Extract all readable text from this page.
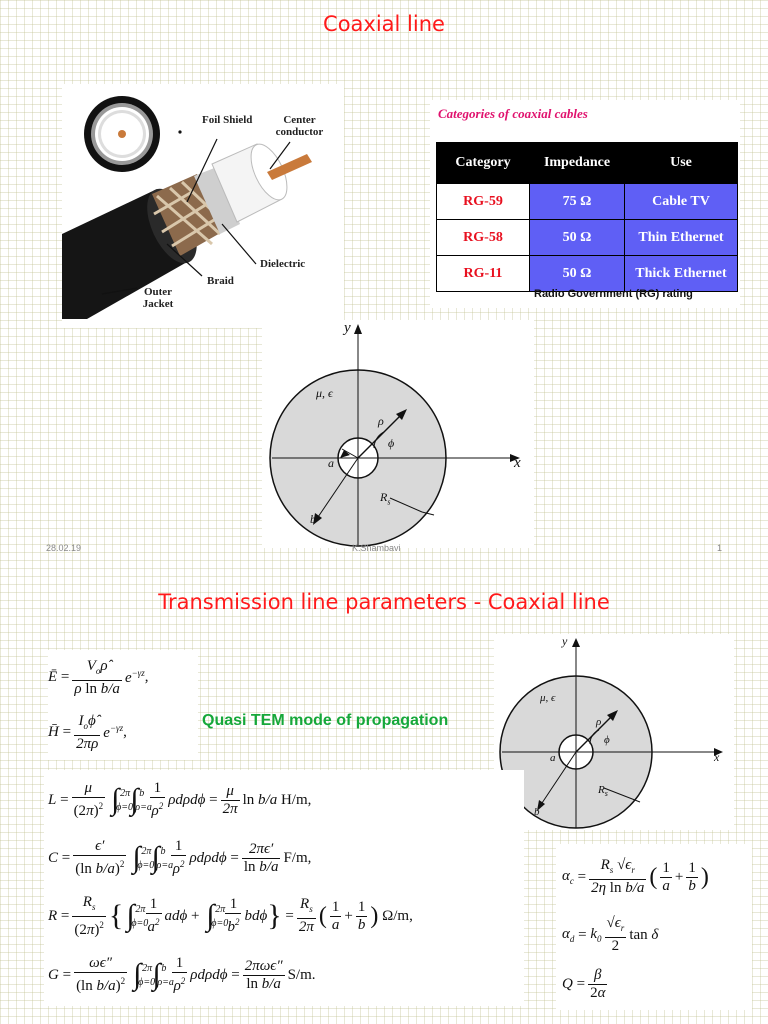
Coaxial line
Foil Shield	Center conductor
Dielectric
Braid
Outer Jacket
Categories of coaxial cables
Category	Impedance	Use
RG-59	75 Ω	Cable TV
RG-58	50 Ω	Thin Ethernet
RG-11	50 Ω	Thick Ethernet
Radio Government (RG) rating
y
x
μ, ϵ
ρ
ϕ
a
b
$R_s$
28.02.19	K.Shambavi	1
Transmission line parameters - Coaxial line
Ē = $\frac{V_o\rhô}{\text{ρ ln b/a}} e^{-\gamma z}$ ,
H̄ = $\frac{I_o\phî}{2\pi\rho} e^{-\gamma z}$ ,
Quasi TEM mode of propagation
y
x
μ, ϵ
ρ
ϕ
a
b
$R_s$
$L = \frac{\mu}{(2\pi)^2}$ ∫ 2π
ϕ=0
∫ b
ρ=a
$\frac{1}{\rho^2}$ $\rho d\rho d\phi = \frac{\mu}{2\pi}$ ln
b/a
H/m,
$C = \frac{\epsilon'}{(\ln b/a)^2}$ ∫ 2π
ϕ=0
∫ b
ρ=a
$\frac{1}{\rho^2}$ $\rho d\rho d\phi = \frac{2\pi\epsilon'}{\text{ln b/a}} F/m$,
$R = \frac{R_s}{(2\pi)^2}$ { ∫ 2π
ϕ=0
$\frac{1}{a^2}$ adϕ + ∫ 2π
ϕ=0
$\frac{1}{b^2}$ bdϕ } = $\frac{R_s}{2\pi}$ ( $\frac{1}{a} + \frac{1}{b}$ )
Ω/m,
$G = \frac{\omega\epsilon''}{(\ln b/a)^2}$ ∫ 2π
ϕ=0
∫ b
ρ=a
$\frac{1}{\rho^2}$ $\rho d\rho d\phi = \frac{\text{2πωϵ″}}{\text{ln b/a}} S/m$.
$\alpha_c = \frac{R_s √\epsilon_r}{\text{2η ln b/a}}$ ( $\frac{1}{a} + \frac{1}{b}$ )
$\alpha_d = k_0 \frac{√\epsilon_r}{2}$ tan
δ
$Q = \frac{\beta}{2\alpha}$
